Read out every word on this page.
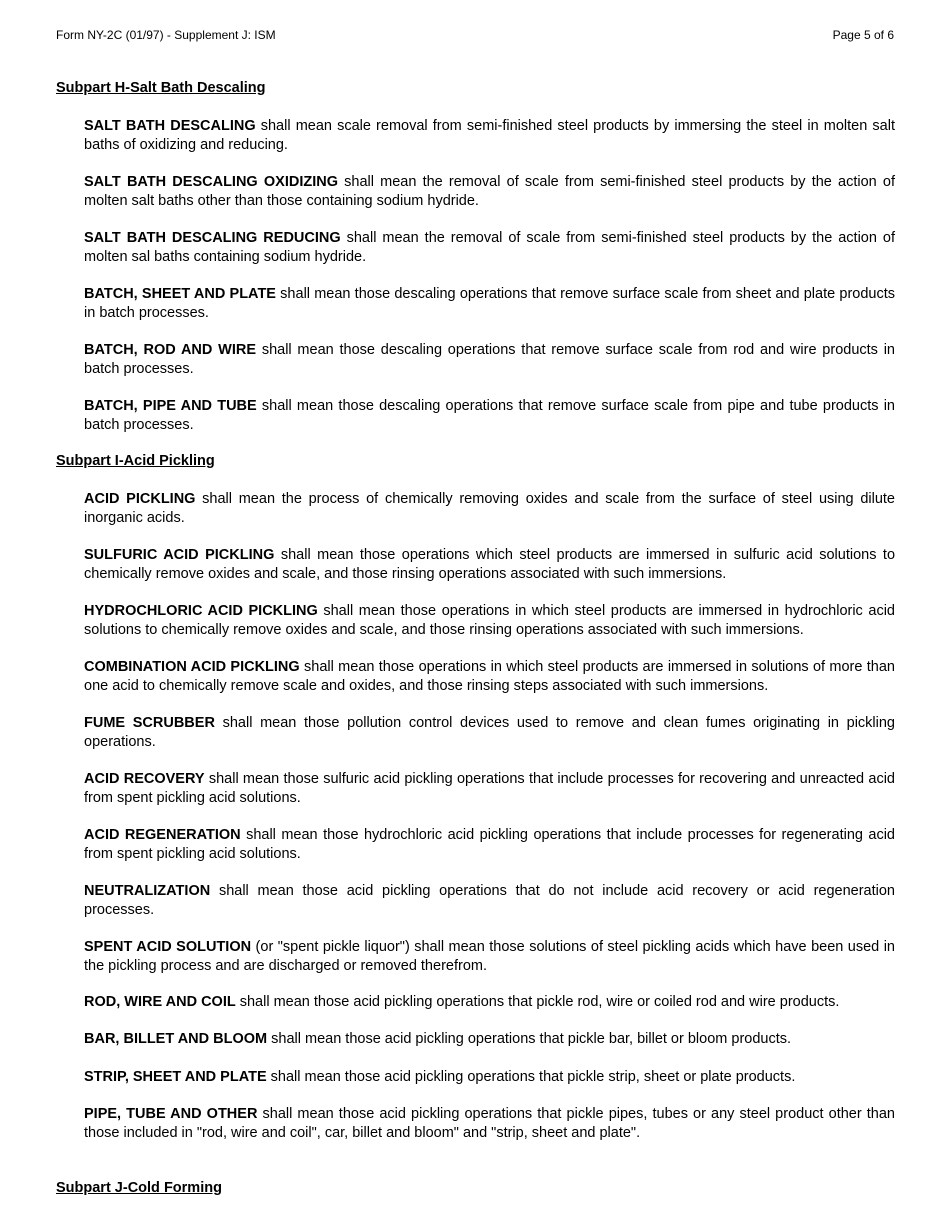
Form NY-2C (01/97) - Supplement J: ISM	Page 5 of 6
Subpart H-Salt Bath Descaling

SALT BATH DESCALING shall mean scale removal from semi-finished steel products by immersing the steel in molten salt baths of oxidizing and reducing.

SALT BATH DESCALING OXIDIZING shall mean the removal of scale from semi-finished steel products by the action of molten salt baths other than those containing sodium hydride.

SALT BATH DESCALING REDUCING shall mean the removal of scale from semi-finished steel products by the action of molten sal baths containing sodium hydride.

BATCH, SHEET AND PLATE shall mean those descaling operations that remove surface scale from sheet and plate products in batch processes.

BATCH, ROD AND WIRE shall mean those descaling operations that remove surface scale from rod and wire products in batch processes.

BATCH, PIPE AND TUBE shall mean those descaling operations that remove surface scale from pipe and tube products in batch processes.

Subpart I-Acid Pickling

ACID PICKLING shall mean the process of chemically removing oxides and scale from the surface of steel using dilute inorganic acids.

SULFURIC ACID PICKLING shall mean those operations which steel products are immersed in sulfuric acid solutions to chemically remove oxides and scale, and those rinsing operations associated with such immersions.

HYDROCHLORIC ACID PICKLING shall mean those operations in which steel products are immersed in hydrochloric acid solutions to chemically remove oxides and scale, and those rinsing operations associated with such immersions.

COMBINATION ACID PICKLING shall mean those operations in which steel products are immersed in solutions of more than one acid to chemically remove scale and oxides, and those rinsing steps associated with such immersions.

FUME SCRUBBER shall mean those pollution control devices used to remove and clean fumes originating in pickling operations.

ACID RECOVERY shall mean those sulfuric acid pickling operations that include processes for recovering and unreacted acid from spent pickling acid solutions.

ACID REGENERATION shall mean those hydrochloric acid pickling operations that include processes for regenerating acid from spent pickling acid solutions.

NEUTRALIZATION shall mean those acid pickling operations that do not include acid recovery or acid regeneration processes.

SPENT ACID SOLUTION (or "spent pickle liquor") shall mean those solutions of steel pickling acids which have been used in the pickling process and are discharged or removed therefrom.

ROD, WIRE AND COIL shall mean those acid pickling operations that pickle rod, wire or coiled rod and wire products.

BAR, BILLET AND BLOOM shall mean those acid pickling operations that pickle bar, billet or bloom products.

STRIP, SHEET AND PLATE shall mean those acid pickling operations that pickle strip, sheet or plate products.

PIPE, TUBE AND OTHER shall mean those acid pickling operations that pickle pipes, tubes or any steel product other than those included in "rod, wire and coil", car, billet and bloom" and "strip, sheet and plate".

Subpart J-Cold Forming
